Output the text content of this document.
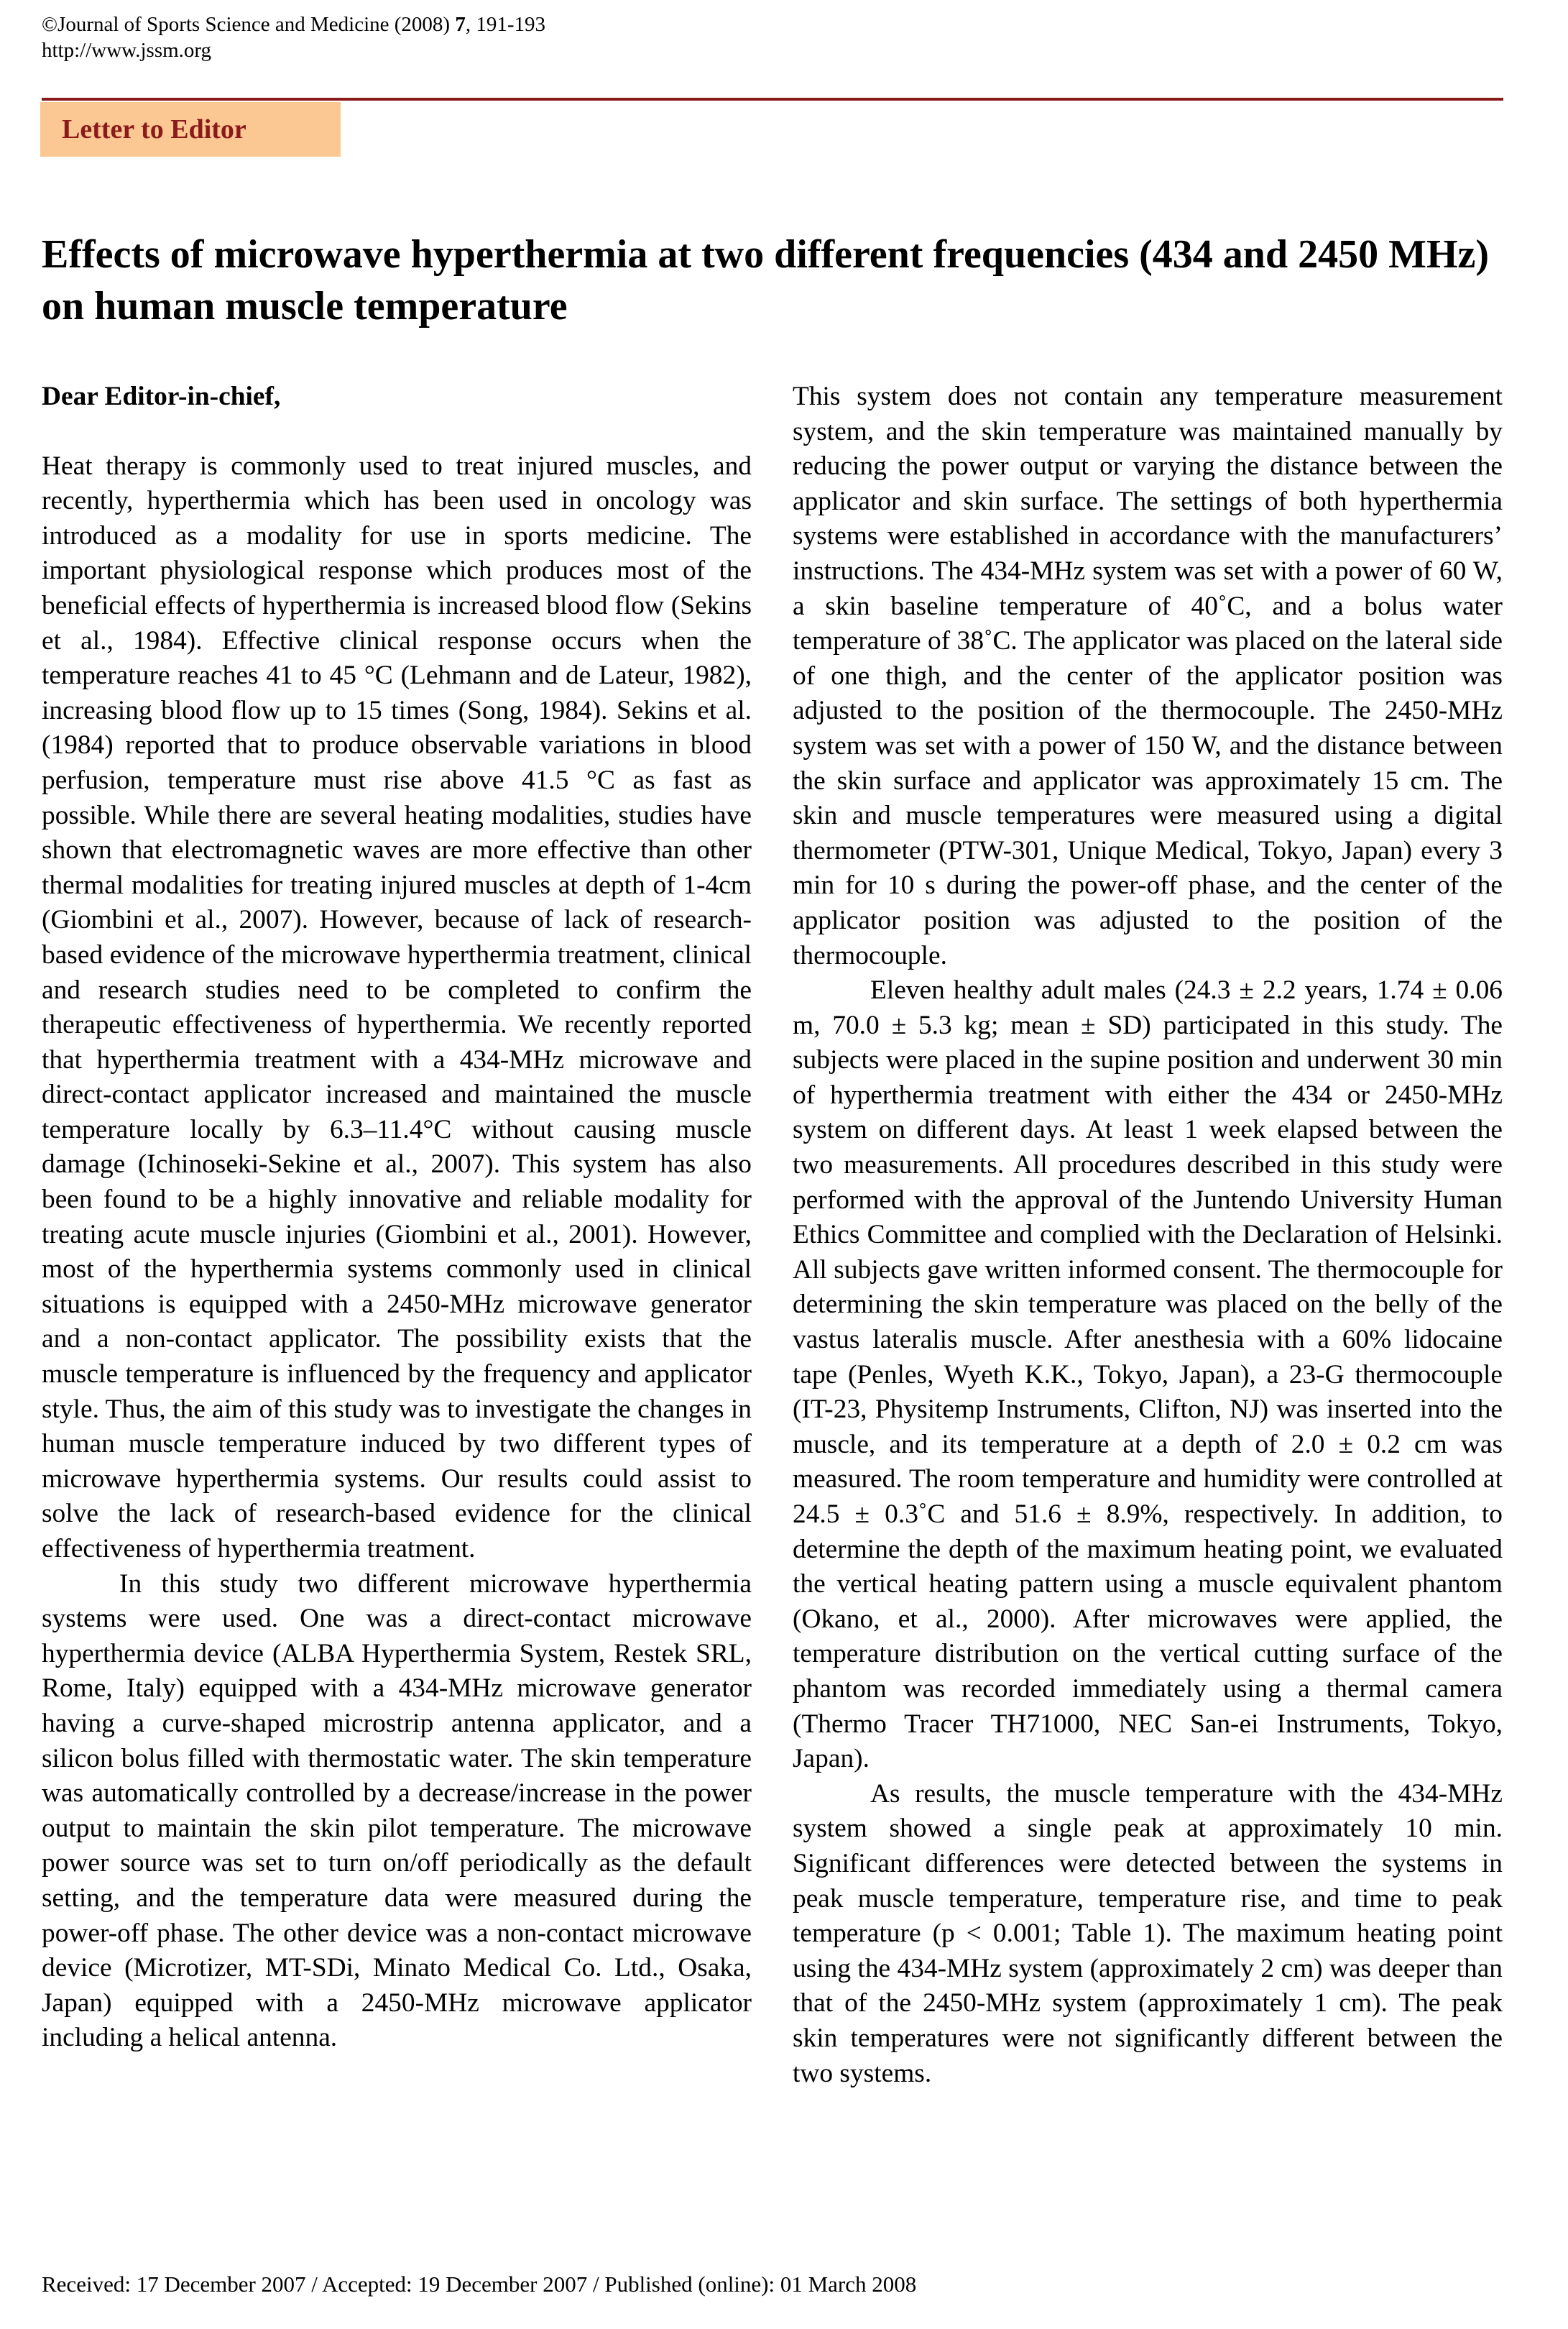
©Journal of Sports Science and Medicine (2008) 7, 191-193
http://www.jssm.org
Letter to Editor
Effects of microwave hyperthermia at two different frequencies (434 and 2450 MHz) on human muscle temperature

Dear Editor-in-chief,

Heat therapy is commonly used to treat injured muscles, and recently, hyperthermia which has been used in oncology was introduced as a modality for use in sports medicine. The important physiological response which produces most of the beneficial effects of hyperthermia is increased blood flow (Sekins et al., 1984). Effective clinical response occurs when the temperature reaches 41 to 45 °C (Lehmann and de Lateur, 1982), increasing blood flow up to 15 times (Song, 1984). Sekins et al. (1984) reported that to produce observable variations in blood perfusion, temperature must rise above 41.5 °C as fast as possible. While there are several heating modalities, studies have shown that electromagnetic waves are more effective than other thermal modalities for treating injured muscles at depth of 1-4cm (Giombini et al., 2007). However, because of lack of research-based evidence of the microwave hyperthermia treatment, clinical and research studies need to be completed to confirm the therapeutic effectiveness of hyperthermia. We recently reported that hyperthermia treatment with a 434-MHz microwave and direct-contact applicator increased and maintained the muscle temperature locally by 6.3–11.4°C without causing muscle damage (Ichinoseki-Sekine et al., 2007). This system has also been found to be a highly innovative and reliable modality for treating acute muscle injuries (Giombini et al., 2001). However, most of the hyperthermia systems commonly used in clinical situations is equipped with a 2450-MHz microwave generator and a non-contact applicator. The possibility exists that the muscle temperature is influenced by the frequency and applicator style. Thus, the aim of this study was to investigate the changes in human muscle temperature induced by two different types of microwave hyperthermia systems. Our results could assist to solve the lack of research-based evidence for the clinical effectiveness of hyperthermia treatment.

In this study two different microwave hyperthermia systems were used. One was a direct-contact microwave hyperthermia device (ALBA Hyperthermia System, Restek SRL, Rome, Italy) equipped with a 434-MHz microwave generator having a curve-shaped microstrip antenna applicator, and a silicon bolus filled with thermostatic water. The skin temperature was automatically controlled by a decrease/increase in the power output to maintain the skin pilot temperature. The microwave power source was set to turn on/off periodically as the default setting, and the temperature data were measured during the power-off phase. The other device was a non-contact microwave device (Microtizer, MT-SDi, Minato Medical Co. Ltd., Osaka, Japan) equipped with a 2450-MHz microwave applicator including a helical antenna.

This system does not contain any temperature measurement system, and the skin temperature was maintained manually by reducing the power output or varying the distance between the applicator and skin surface. The settings of both hyperthermia systems were established in accordance with the manufacturers’ instructions. The 434-MHz system was set with a power of 60 W, a skin baseline temperature of 40˚C, and a bolus water temperature of 38˚C. The applicator was placed on the lateral side of one thigh, and the center of the applicator position was adjusted to the position of the thermocouple. The 2450-MHz system was set with a power of 150 W, and the distance between the skin surface and applicator was approximately 15 cm. The skin and muscle temperatures were measured using a digital thermometer (PTW-301, Unique Medical, Tokyo, Japan) every 3 min for 10 s during the power-off phase, and the center of the applicator position was adjusted to the position of the thermocouple.

Eleven healthy adult males (24.3 ± 2.2 years, 1.74 ± 0.06 m, 70.0 ± 5.3 kg; mean ± SD) participated in this study. The subjects were placed in the supine position and underwent 30 min of hyperthermia treatment with either the 434 or 2450-MHz system on different days. At least 1 week elapsed between the two measurements. All procedures described in this study were performed with the approval of the Juntendo University Human Ethics Committee and complied with the Declaration of Helsinki. All subjects gave written informed consent. The thermocouple for determining the skin temperature was placed on the belly of the vastus lateralis muscle. After anesthesia with a 60% lidocaine tape (Penles, Wyeth K.K., Tokyo, Japan), a 23-G thermocouple (IT-23, Physitemp Instruments, Clifton, NJ) was inserted into the muscle, and its temperature at a depth of 2.0 ± 0.2 cm was measured. The room temperature and humidity were controlled at 24.5 ± 0.3˚C and 51.6 ± 8.9%, respectively. In addition, to determine the depth of the maximum heating point, we evaluated the vertical heating pattern using a muscle equivalent phantom (Okano, et al., 2000). After microwaves were applied, the temperature distribution on the vertical cutting surface of the phantom was recorded immediately using a thermal camera (Thermo Tracer TH71000, NEC San-ei Instruments, Tokyo, Japan).

As results, the muscle temperature with the 434-MHz system showed a single peak at approximately 10 min. Significant differences were detected between the systems in peak muscle temperature, temperature rise, and time to peak temperature (p < 0.001; Table 1). The maximum heating point using the 434-MHz system (approximately 2 cm) was deeper than that of the 2450-MHz system (approximately 1 cm). The peak skin temperatures were not significantly different between the two systems.

Received: 17 December 2007 / Accepted: 19 December 2007 / Published (online): 01 March 2008
